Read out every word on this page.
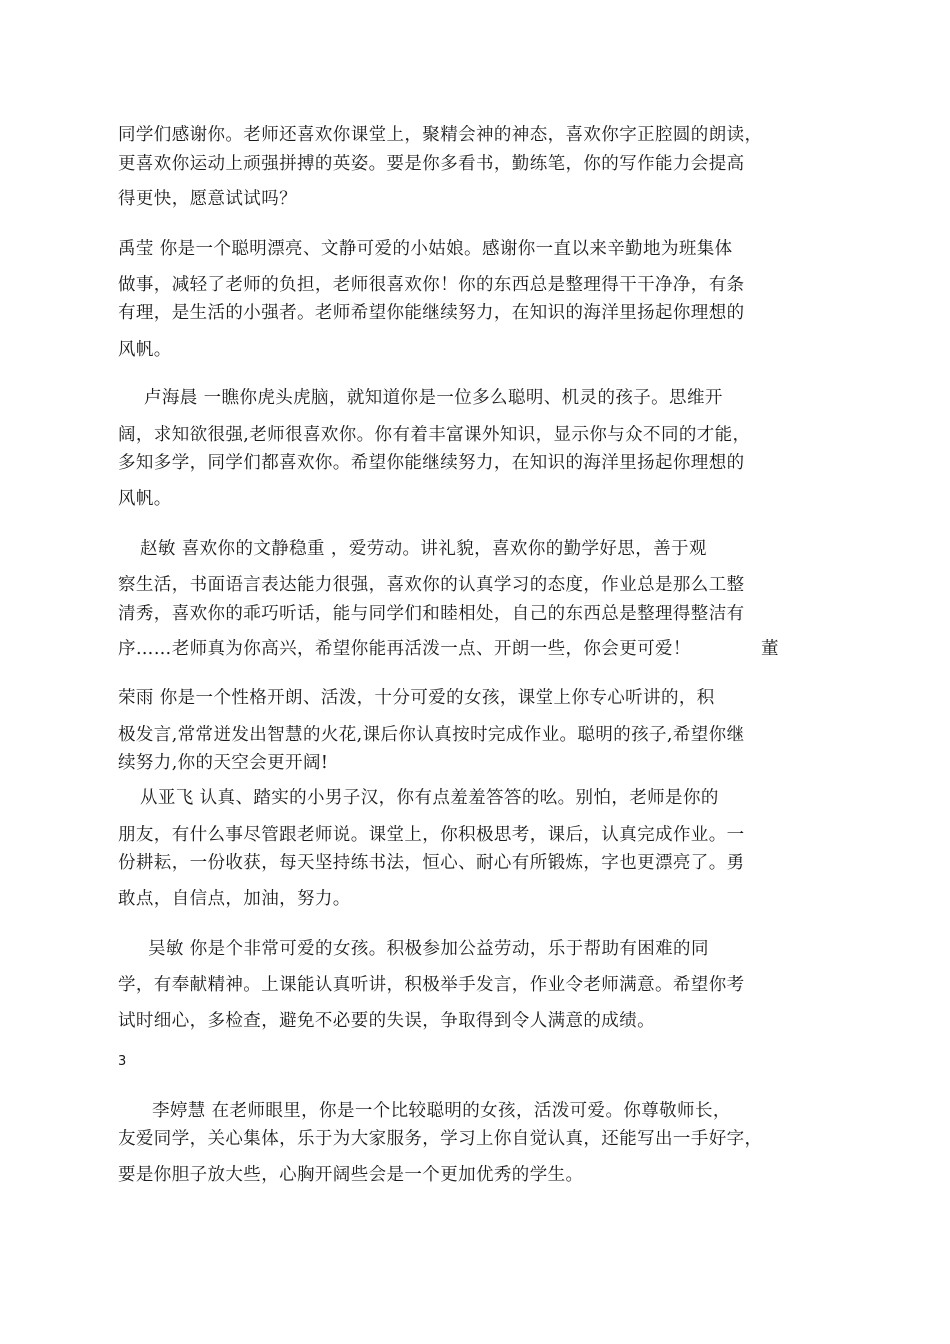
同学们感谢你。老师还喜欢你课堂上，聚精会神的神态，喜欢你字正腔圆的朗读，
更喜欢你运动上顽强拼搏的英姿。要是你多看书，勤练笔，你的写作能力会提高
得更快，愿意试试吗？
禹莹 你是一个聪明漂亮、文静可爱的小姑娘。感谢你一直以来辛勤地为班集体
做事，减轻了老师的负担，老师很喜欢你！你的东西总是整理得干干净净，有条
有理，是生活的小强者。老师希望你能继续努力，在知识的海洋里扬起你理想的
风帆。
卢海晨 一瞧你虎头虎脑，就知道你是一位多么聪明、机灵的孩子。思维开
阔，求知欲很强,老师很喜欢你。你有着丰富课外知识，显示你与众不同的才能，
多知多学，同学们都喜欢你。希望你能继续努力，在知识的海洋里扬起你理想的
风帆。
赵敏 喜欢你的文静稳重 ，爱劳动。讲礼貌，喜欢你的勤学好思，善于观
察生活，书面语言表达能力很强，喜欢你的认真学习的态度，作业总是那么工整
清秀，喜欢你的乖巧听话，能与同学们和睦相处，自己的东西总是整理得整洁有
序……老师真为你高兴，希望你能再活泼一点、开朗一些，你会更可爱！	董
荣雨 你是一个性格开朗、活泼，十分可爱的女孩，课堂上你专心听讲的，积
极发言,常常迸发出智慧的火花,课后你认真按时完成作业。聪明的孩子,希望你继
续努力,你的天空会更开阔!
从亚飞 认真、踏实的小男子汉，你有点羞羞答答的吆。别怕，老师是你的
朋友，有什么事尽管跟老师说。课堂上，你积极思考，课后，认真完成作业。一
份耕耘，一份收获，每天坚持练书法，恒心、耐心有所锻炼，字也更漂亮了。勇
敢点，自信点，加油，努力。
吴敏 你是个非常可爱的女孩。积极参加公益劳动，乐于帮助有困难的同
学，有奉献精神。上课能认真听讲，积极举手发言，作业令老师满意。希望你考
试时细心，多检查，避免不必要的失误，争取得到令人满意的成绩。
3
李婷慧 在老师眼里，你是一个比较聪明的女孩，活泼可爱。你尊敬师长，
友爱同学，关心集体，乐于为大家服务，学习上你自觉认真，还能写出一手好字，
要是你胆子放大些，心胸开阔些会是一个更加优秀的学生。
